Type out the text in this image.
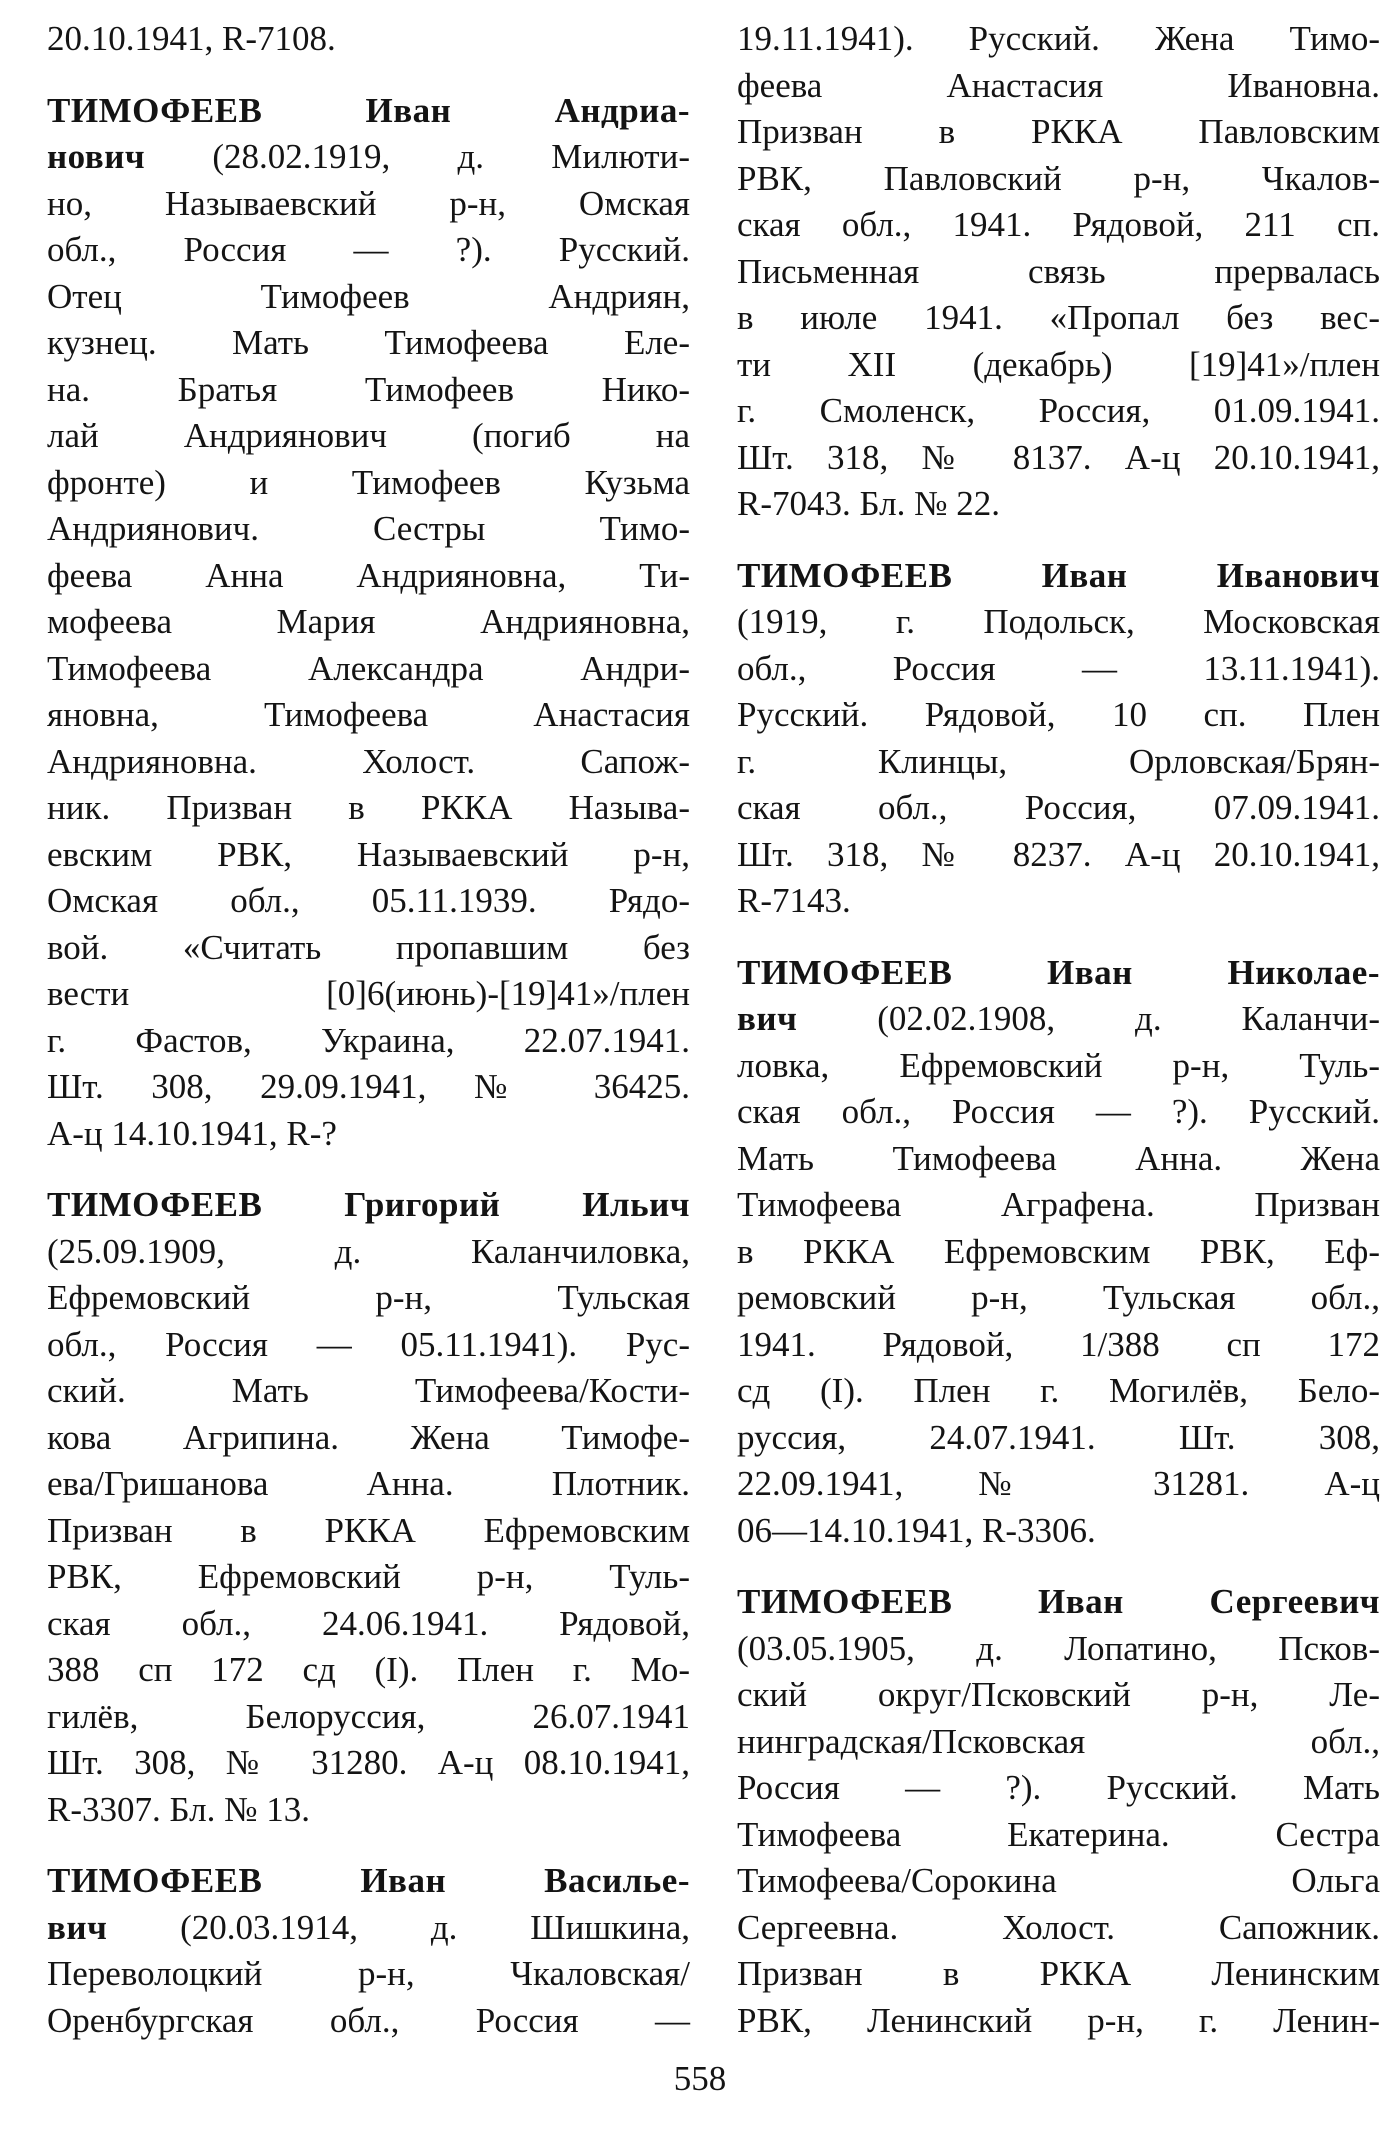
20.10.1941, R-7108.
ТИМОФЕЕВ Иван Андриа-
нович (28.02.1919, д. Милюти-
но, Называевский р-н, Омская
обл., Россия — ?). Русский.
Отец Тимофеев Андриян,
кузнец. Мать Тимофеева Еле-
на. Братья Тимофеев Нико-
лай Андриянович (погиб на
фронте) и Тимофеев Кузьма
Андриянович. Сестры Тимо-
феева Анна Андрияновна, Ти-
мофеева Мария Андрияновна,
Тимофеева Александра Андри-
яновна, Тимофеева Анастасия
Андрияновна. Холост. Сапож-
ник. Призван в РККА Называ-
евским РВК, Называевский р-н,
Омская обл., 05.11.1939. Рядо-
вой. «Считать пропавшим без
вести [0]6(июнь)-[19]41»/плен
г. Фастов, Украина, 22.07.1941.
Шт. 308, 29.09.1941, № 36425.
А-ц 14.10.1941, R-?
ТИМОФЕЕВ Григорий Ильич
(25.09.1909, д. Каланчиловка,
Ефремовский р-н, Тульская
обл., Россия — 05.11.1941). Рус-
ский. Мать Тимофеева/Кости-
кова Агрипина. Жена Тимофе-
ева/Гришанова Анна. Плотник.
Призван в РККА Ефремовским
РВК, Ефремовский р-н, Туль-
ская обл., 24.06.1941. Рядовой,
388 сп 172 сд (I). Плен г. Мо-
гилёв, Белоруссия, 26.07.1941
Шт. 308, № 31280. А-ц 08.10.1941,
R-3307. Бл. № 13.
ТИМОФЕЕВ Иван Василье-
вич (20.03.1914, д. Шишкина,
Переволоцкий р-н, Чкаловская/
Оренбургская обл., Россия —
19.11.1941). Русский. Жена Тимо-
феева Анастасия Ивановна.
Призван в РККА Павловским
РВК, Павловский р-н, Чкалов-
ская обл., 1941. Рядовой, 211 сп.
Письменная связь прервалась
в июле 1941. «Пропал без вес-
ти XII (декабрь) [19]41»/плен
г. Смоленск, Россия, 01.09.1941.
Шт. 318, № 8137. А-ц 20.10.1941,
R-7043. Бл. № 22.
ТИМОФЕЕВ Иван Иванович
(1919, г. Подольск, Московская
обл., Россия — 13.11.1941).
Русский. Рядовой, 10 сп. Плен
г. Клинцы, Орловская/Брян-
ская обл., Россия, 07.09.1941.
Шт. 318, № 8237. А-ц 20.10.1941,
R-7143.
ТИМОФЕЕВ Иван Николае-
вич (02.02.1908, д. Каланчи-
ловка, Ефремовский р-н, Туль-
ская обл., Россия — ?). Русский.
Мать Тимофеева Анна. Жена
Тимофеева Аграфена. Призван
в РККА Ефремовским РВК, Еф-
ремовский р-н, Тульская обл.,
1941. Рядовой, 1/388 сп 172
сд (I). Плен г. Могилёв, Бело-
руссия, 24.07.1941. Шт. 308,
22.09.1941, № 31281. А-ц
06—14.10.1941, R-3306.
ТИМОФЕЕВ Иван Сергеевич
(03.05.1905, д. Лопатино, Псков-
ский округ/Псковский р-н, Ле-
нинградская/Псковская обл.,
Россия — ?). Русский. Мать
Тимофеева Екатерина. Сестра
Тимофеева/Сорокина Ольга
Сергеевна. Холост. Сапожник.
Призван в РККА Ленинским
РВК, Ленинский р-н, г. Ленин-
558
